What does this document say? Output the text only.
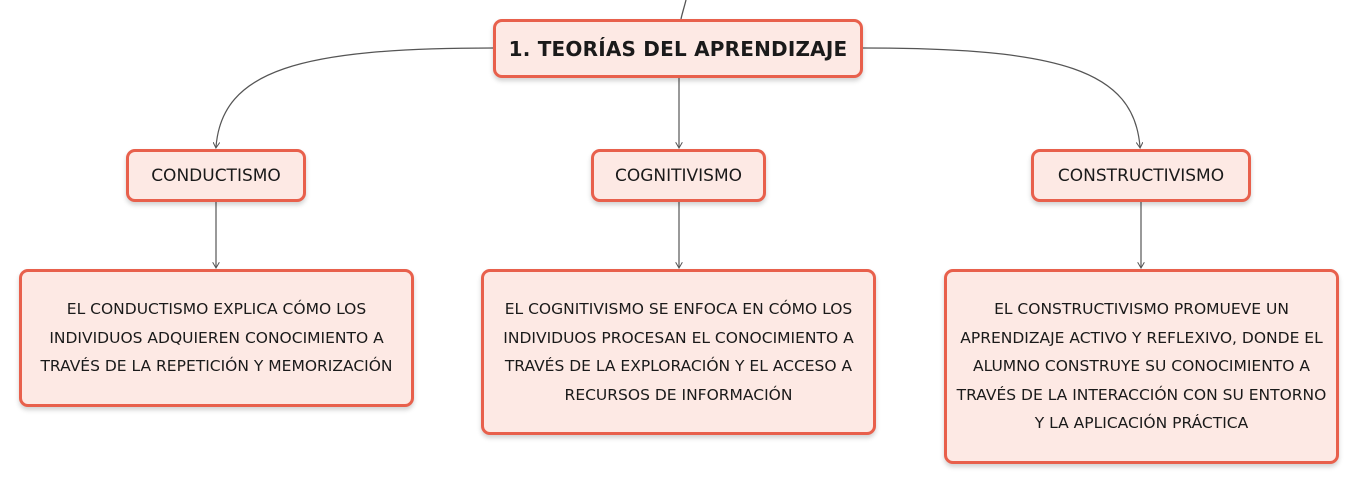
1. TEORÍAS DEL APRENDIZAJE
CONDUCTISMO	COGNITIVISMO	CONSTRUCTIVISMO
EL CONDUCTISMO EXPLICA CÓMO LOS INDIVIDUOS ADQUIEREN CONOCIMIENTO A TRAVÉS DE LA REPETICIÓN Y MEMORIZACIÓN
EL COGNITIVISMO SE ENFOCA EN CÓMO LOS INDIVIDUOS PROCESAN EL CONOCIMIENTO A TRAVÉS DE LA EXPLORACIÓN Y EL ACCESO A RECURSOS DE INFORMACIÓN
EL CONSTRUCTIVISMO PROMUEVE UN APRENDIZAJE ACTIVO Y REFLEXIVO, DONDE EL ALUMNO CONSTRUYE SU CONOCIMIENTO A TRAVÉS DE LA INTERACCIÓN CON SU ENTORNO Y LA APLICACIÓN PRÁCTICA
